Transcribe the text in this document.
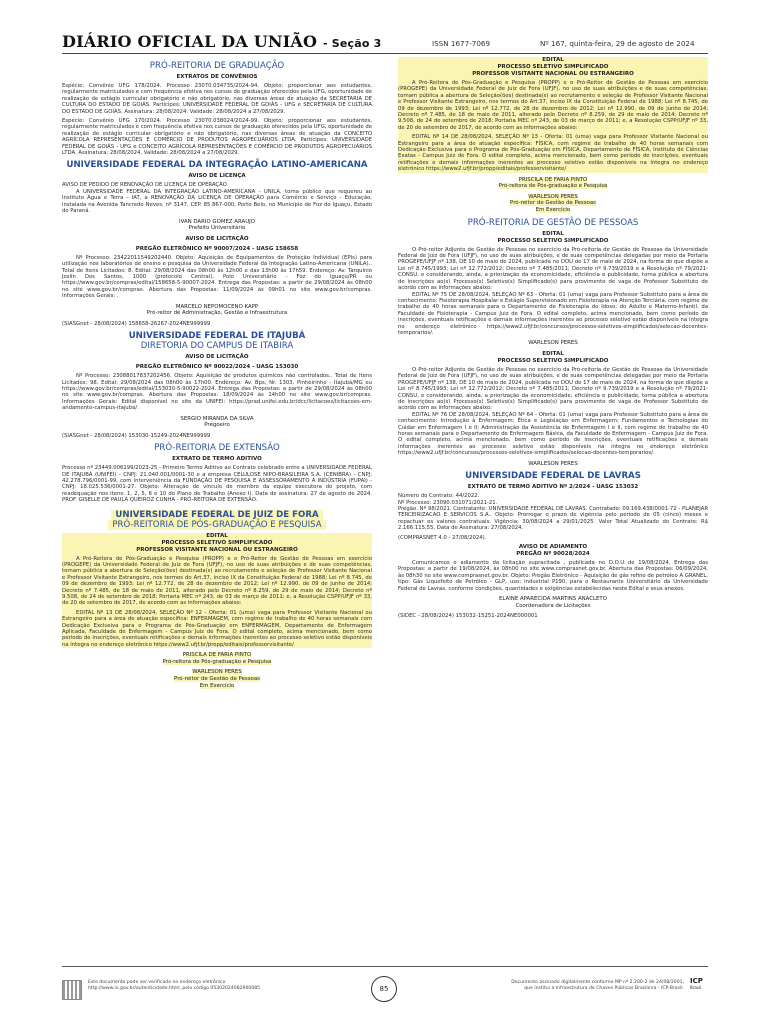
DIÁRIO OFICIAL DA UNIÃO - Seção 3	ISSN 1677-7069	Nº 167, quinta-feira, 29 de agosto de 2024
PRÓ-REITORIA DE GRADUAÇÃO
EXTRATOS DE CONVÊNIOS

Espécie: Convênio UFG 178/2024. Processo 23070.034735/2024-94. Objeto: proporcionar aos estudantes, regularmente matriculados e com frequência efetiva nos cursos de graduação oferecidos pela UFG, oportunidade de realização de estágio curricular obrigatório e não obrigatório, nas diversas áreas de atuação da SECRETARIA DE CULTURA DO ESTADO DE GOIÁS. Partícipes: UNIVERSIDADE FEDERAL DE GOIÁS - UFG e SECRETARIA DE CULTURA DO ESTADO DE GOIÁS. Assinatura: 28/08/2024. Validade: 28/08/2024 a 27/08/2029.

Espécie: Convênio UFG 170/2024. Processo 23070.038024/2024-99. Objeto: proporcionar aos estudantes, regularmente matriculados e com frequência efetiva nos cursos de graduação oferecidos pela UFG, oportunidade de realização de estágio curricular obrigatório e não obrigatório, nas diversas áreas de atuação da CONCEITO AGRÍCOLA REPRESENTAÇÕES E COMÉRCIO DE PRODUTOS AGROPECUÁRIOS LTDA. Partícipes: UNIVERSIDADE FEDERAL DE GOIÁS - UFG e CONCEITO AGRÍCOLA REPRESENTAÇÕES E COMÉRCIO DE PRODUTOS AGROPECUÁRIOS LTDA. Assinatura: 28/08/2024. Validade: 28/08/2024 a 27/08/2029.

UNIVERSIDADE FEDERAL DA INTEGRAÇÃO LATINO-AMERICANA
AVISO DE LICENÇA

AVISO DE PEDIDO DE RENOVAÇÃO DE LICENÇA DE OPERAÇÃO

A UNIVERSIDADE FEDERAL DA INTEGRAÇÃO LATINO-AMERICANA - UNILA, torna público que requereu ao Instituto Água e Terra - IAT, a RENOVAÇÃO DA LICENÇA DE OPERAÇÃO para Comércio e Serviço - Educação, instalada na Avenida Tancredo Neves, nº 3147, CEP. 85.867-000, Porto Belo, no Município de Foz do Iguaçu, Estado do Paraná.

IVAN DARIO GOMEZ ARAUJO
Prefeito Universitário
AVISO DE LICITAÇÃO
PREGÃO ELETRÔNICO Nº 90007/2024 - UASG 158658

Nº Processo: 23422011549202440. Objeto: Aquisição de Equipamentos de Proteção Individual (EPIs) para utilização nos laboratórios de ensino e pesquisa da Universidade Federal da Integração Latino-Americana (UNILA).. Total de Itens Licitados: 8. Edital: 29/08/2024 das 08h00 às 12h00 e das 13h00 às 17h59. Endereço: Av. Tarquínio Joslin Dos Santos, 1000 (protocolo Central), Polo Universitário - Foz do Iguaçu/PR ou https://www.gov.br/compras/edital/158658-5-90007-2024. Entrega das Propostas: a partir de 29/08/2024 às 08h00 no site www.gov.br/compras. Abertura das Propostas: 11/09/2024 às 09h01 no site www.gov.br/compras. Informações Gerais: .

MARCELO NEPOMOCENO KAPP
Pró-reitor de Administração, Gestão e Infraestrutura

(SIASGnet - 28/08/2024) 158658-26267-2024NE999999

UNIVERSIDADE FEDERAL DE ITAJUBÁ
DIRETORIA DO CAMPUS DE ITABIRA
AVISO DE LICITAÇÃO
PREGÃO ELETRÔNICO Nº 90022/2024 - UASG 153030

Nº Processo: 23088017837202456. Objeto: Aquisição de produtos químicos não controlados.. Total de Itens Licitados: 98. Edital: 29/08/2024 das 08h00 às 17h00. Endereço: Av. Bps, Nr. 1303, Pinheirinho - Itajubá/MG ou https://www.gov.br/compras/edital/153030-5-90022-2024. Entrega das Propostas: a partir de 29/08/2024 às 08h00 no site www.gov.br/compras. Abertura das Propostas: 18/09/2024 às 14h00 no site www.gov.br/compras. Informações Gerais: Edital disponível no site da UNIFEI: https://prad.unifei.edu.br/dcc/licitacoes/licitacoes-em-andamento-campus-itajuba/.

SERGIO MIRANDA DA SILVA
Pregoeiro

(SIASGnet - 28/08/2024) 153030-15249-2024NE999999

PRÓ-REITORIA DE EXTENSÃO
EXTRATO DE TERMO ADITIVO

Processo nº 23449.006199/2023-25 - Primeiro Termo Aditivo ao Contrato celebrado entre a UNIVERSIDADE FEDERAL DE ITAJUBÁ (UNIFEI) - CNPJ: 21.040.001/0001-30 e a empresa CELULOSE NIPO-BRASILEIRA S.A. (CENIBRA) - CNPJ: 42.278.796/0001-99, com interveniência da FUNDAÇÃO DE PESQUISA E ASSESSORAMENTO À INDÚSTRIA (FUPAI) - CNPJ: 18.025.536/0001-27. Objeto: Alteração de vínculo de membro da equipe executora do projeto, com readequação nos itens: 1, 2, 5, 6 e 10 do Plano de Trabalho (Anexo I). Data de assinatura: 27 de agosto de 2024. PROF. GISELLE DE PAULA QUEIROZ CUNHA - PRÓ-REITORA DE EXTENSÃO.

UNIVERSIDADE FEDERAL DE JUIZ DE FORA
PRÓ-REITORIA DE PÓS-GRADUAÇÃO E PESQUISA
EDITAL
PROCESSO SELETIVO SIMPLIFICADO
PROFESSOR VISITANTE NACIONAL OU ESTRANGEIRO

A Pró-Reitora de Pós-Graduação e Pesquisa (PROPP) e o Pró-Reitor de Gestão de Pessoas em exercício (PROGEPE) da Universidade Federal de Juiz de Fora (UFJF), no uso de suas atribuições e de suas competências, tornam pública a abertura de Seleção(ões) destinada(s) ao recrutamento e seleção de Professor Visitante Nacional e Professor Visitante Estrangeiro, nos termos do Art.37, inciso IX da Constituição Federal de 1988; Lei nº 8.745, de 09 de dezembro de 1993; Lei nº 12.772, de 28 de dezembro de 2012; Lei nº 12.990, de 09 de junho de 2014; Decreto nº 7.485, de 18 de maio de 2011, alterado pelo Decreto nº 8.259, de 29 de maio de 2014; Decreto nº 9.508, de 24 de setembro de 2018; Portaria MEC nº 243, de 03 de março de 2011; e, a Resolução CSPP/UFJF nº 33, de 20 de setembro de 2017, de acordo com as informações abaixo:

EDITAL Nº 13 DE 28/08/2024, SELEÇÃO Nº 12 - Oferta: 01 (uma) vaga para Professor Visitante Nacional ou Estrangeiro para a área de atuação específica: ENFERMAGEM, com regime de trabalho de 40 horas semanais com Dedicação Exclusiva para o Programa de Pós-Graduação em ENFERMAGEM, Departamento de Enfermagem Aplicada, Faculdade de Enfermagem - Campus Juiz de Fora. O edital completo, acima mencionado, bem como período de inscrições, eventuais retificações e demais informações inerentes ao processo seletivo estão disponíveis na íntegra no endereço eletrônico https://www2.ufjf.br/propp/editais/professorvisitante/

PRISCILA DE FARIA PINTO
Pró-reitora de Pós-graduação e Pesquisa
WARLESON PERES
Pró-reitor de Gestão de Pessoas
Em Exercício
EDITAL
PROCESSO SELETIVO SIMPLIFICADO
PROFESSOR VISITANTE NACIONAL OU ESTRANGEIRO

A Pró-Reitora de Pós-Graduação e Pesquisa (PROPP) e o Pró-Reitor de Gestão de Pessoas em exercício (PROGEPE) da Universidade Federal de Juiz de Fora (UFJF), no uso de suas atribuições e de suas competências, tornam pública a abertura de Seleção(ões) destinada(s) ao recrutamento e seleção de Professor Visitante Nacional e Professor Visitante Estrangeiro, nos termos do Art.37, inciso IX da Constituição Federal de 1988; Lei nº 8.745, de 09 de dezembro de 1993; Lei nº 12.772, de 28 de dezembro de 2012; Lei nº 12.990, de 09 de junho de 2014; Decreto nº 7.485, de 18 de maio de 2011, alterado pelo Decreto nº 8.259, de 29 de maio de 2014; Decreto nº 9.508, de 24 de setembro de 2018; Portaria MEC nº 243, de 03 de março de 2011; e, a Resolução CSPP/UFJF nº 33, de 20 de setembro de 2017, de acordo com as informações abaixo:

EDITAL Nº 14 DE 28/08/2024, SELEÇÃO Nº 13 - Oferta: 01 (uma) vaga para Professor Visitante Nacional ou Estrangeiro para a área de atuação específica: FÍSICA, com regime de trabalho de 40 horas semanais com Dedicação Exclusiva para o Programa de Pós-Graduação em FÍSICA, Departamento de FÍSICA, Instituto de Ciências Exatas - Campus Juiz de Fora. O edital completo, acima mencionado, bem como período de inscrições, eventuais retificações e demais informações inerentes ao processo seletivo estão disponíveis na íntegra no endereço eletrônico https://www2.ufjf.br/propp/editais/professorvisitante/

PRISCILA DE FARIA PINTO
Pró-reitora de Pós-graduação e Pesquisa
WARLESON PERES
Pró-reitor de Gestão de Pessoas
Em Exercício
PRÓ-REITORIA DE GESTÃO DE PESSOAS
EDITAL
PROCESSO SELETIVO SIMPLIFICADO

O Pró-reitor Adjunto de Gestão de Pessoas no exercício da Pró-reitoria de Gestão de Pessoas da Universidade Federal de Juiz de Fora (UFJF), no uso de suas atribuições, e de suas competências delegadas por meio da Portaria PROGEPE/UFJF nº 138, DE 10 de maio de 2024, publicada no DOU de 17 de maio de 2024, na forma do que dispõe a Lei nº 8.745/1993; Lei nº 12.772/2012; Decreto nº 7.485/2011; Decreto nº 9.739/2019 e a Resolução nº 79/2021-CONSU, e considerando, ainda, a priorização da economicidade, eficiência e publicidade, torna pública a abertura de inscrições ao(s) Processo(s) Seletivo(s) Simplificado(s) para provimento de vaga de Professor Substituto de acordo com as informações abaixo:

EDITAL Nº 75 DE 28/08/2024, SELEÇÃO Nº 63 - Oferta: 01 (uma) vaga para Professor Substituto para a área de conhecimento: Fisioterapia Hospitalar e Estágio Supervisionado em Fisioterapia na Atenção Terciária, com regime de trabalho de 40 horas semanais para o Departamento de Fisioterapia do Idoso, do Adulto e Materno-Infantil, da Faculdade de Fisioterapia - Campus Juiz de Fora. O edital completo, acima mencionado, bem como período de inscrições, eventuais retificações e demais informações inerentes ao processo seletivo estão disponíveis na íntegra no endereço eletrônico https://www2.ufjf.br/concursos/processos-seletivos-simplificados/selecao-docentes-temporarios/.

WARLESON PERES
EDITAL
PROCESSO SELETIVO SIMPLIFICADO

O Pró-reitor Adjunto de Gestão de Pessoas no exercício da Pró-reitoria de Gestão de Pessoas da Universidade Federal de Juiz de Fora (UFJF), no uso de suas atribuições, e de suas competências delegadas por meio da Portaria PROGEPE/UFJF nº 138, DE 10 de maio de 2024, publicada no DOU de 17 de maio de 2024, na forma do que dispõe a Lei nº 8.745/1993; Lei nº 12.772/2012; Decreto nº 7.485/2011; Decreto nº 9.739/2019 e a Resolução nº 79/2021-CONSU, e considerando, ainda, a priorização da economicidade, eficiência e publicidade, torna pública a abertura de inscrições ao(s) Processo(s) Seletivo(s) Simplificado(s) para provimento de vaga de Professor Substituto de acordo com as informações abaixo:

EDITAL Nº 76 DE 28/08/2024, SELEÇÃO Nº 64 - Oferta: 01 (uma) vaga para Professor Substituto para a área de conhecimento: Introdução à Enfermagem; Ética e Legislação em Enfermagem; Fundamentos e Tecnologias do Cuidar em Enfermagem I e II; Administração da Assistência de Enfermagem I e II, com regime de trabalho de 40 horas semanais para o Departamento de Enfermagem Básica, da Faculdade de Enfermagem - Campus Juiz de Fora. O edital completo, acima mencionado, bem como período de inscrições, eventuais retificações e demais informações inerentes ao processo seletivo estão disponíveis na íntegra no endereço eletrônico https://www2.ufjf.br/concursos/processos-seletivos-simplificados/selecao-docentes-temporarios/.

WARLESON PERES
UNIVERSIDADE FEDERAL DE LAVRAS
EXTRATO DE TERMO ADITIVO Nº 2/2024 - UASG 153032

Número do Contrato: 44/2022.

Nº Processo: 23090.031071/2021-21.

Pregão. Nº 98/2021. Contratante: UNIVERSIDADE FEDERAL DE LAVRAS. Contratado: 09.169.438/0001-72 - PLANEJAR TERCEIRIZACAO E SERVICOS S.A.. Objeto: Prorrogar o prazo de vigência pelo período de 05 (cinco) meses e repactuar os valores contratuais. Vigência: 30/08/2024 a 29/01/2025. Valor Total Atualizado do Contrato: R$ 2.166.115,55. Data de Assinatura: 27/08/2024.

(COMPRASNET 4.0 - 27/08/2024).

AVISO DE ADIAMENTO
PREGÃO Nº 90028/2024

Comunicamos o adiamento da licitação supracitada , publicada no D.O.U de 19/08/2024, Entrega das Propostas: a partir de 19/08/2024, às 08h00 no site www.comprasnet.gov.br. Abertura das Propostas: 06/09/2024, às 08h30 no site www.comprasnet.gov.br. Objeto: Pregão Eletrônico - Aquisição de gás refino de petróleo A GRANEL, tipo: Gás Liquefeito de Petróleo - GLP, uso: industrial P190, para o Restaurante Universitário da Universidade Federal de Lavras, conforme condições, quantidades e exigências estabelecidas neste Edital e seus anexos.

ELAINE APARECIDA MARTINS ANACLETO
Coordenadora de Licitações

(SIDEC - 28/08/2024) 153032-15251-2024NE000001

Este documento pode ser verificado no endereço eletrônico
http://www.in.gov.br/autenticidade.html, pelo código 05302024082900085	85
Documento assinado digitalmente conforme MP nº 2.200-2 de 24/08/2001,
que institui a Infraestrutura de Chaves Públicas Brasileira - ICP-Brasil.
ICP
Brasil
